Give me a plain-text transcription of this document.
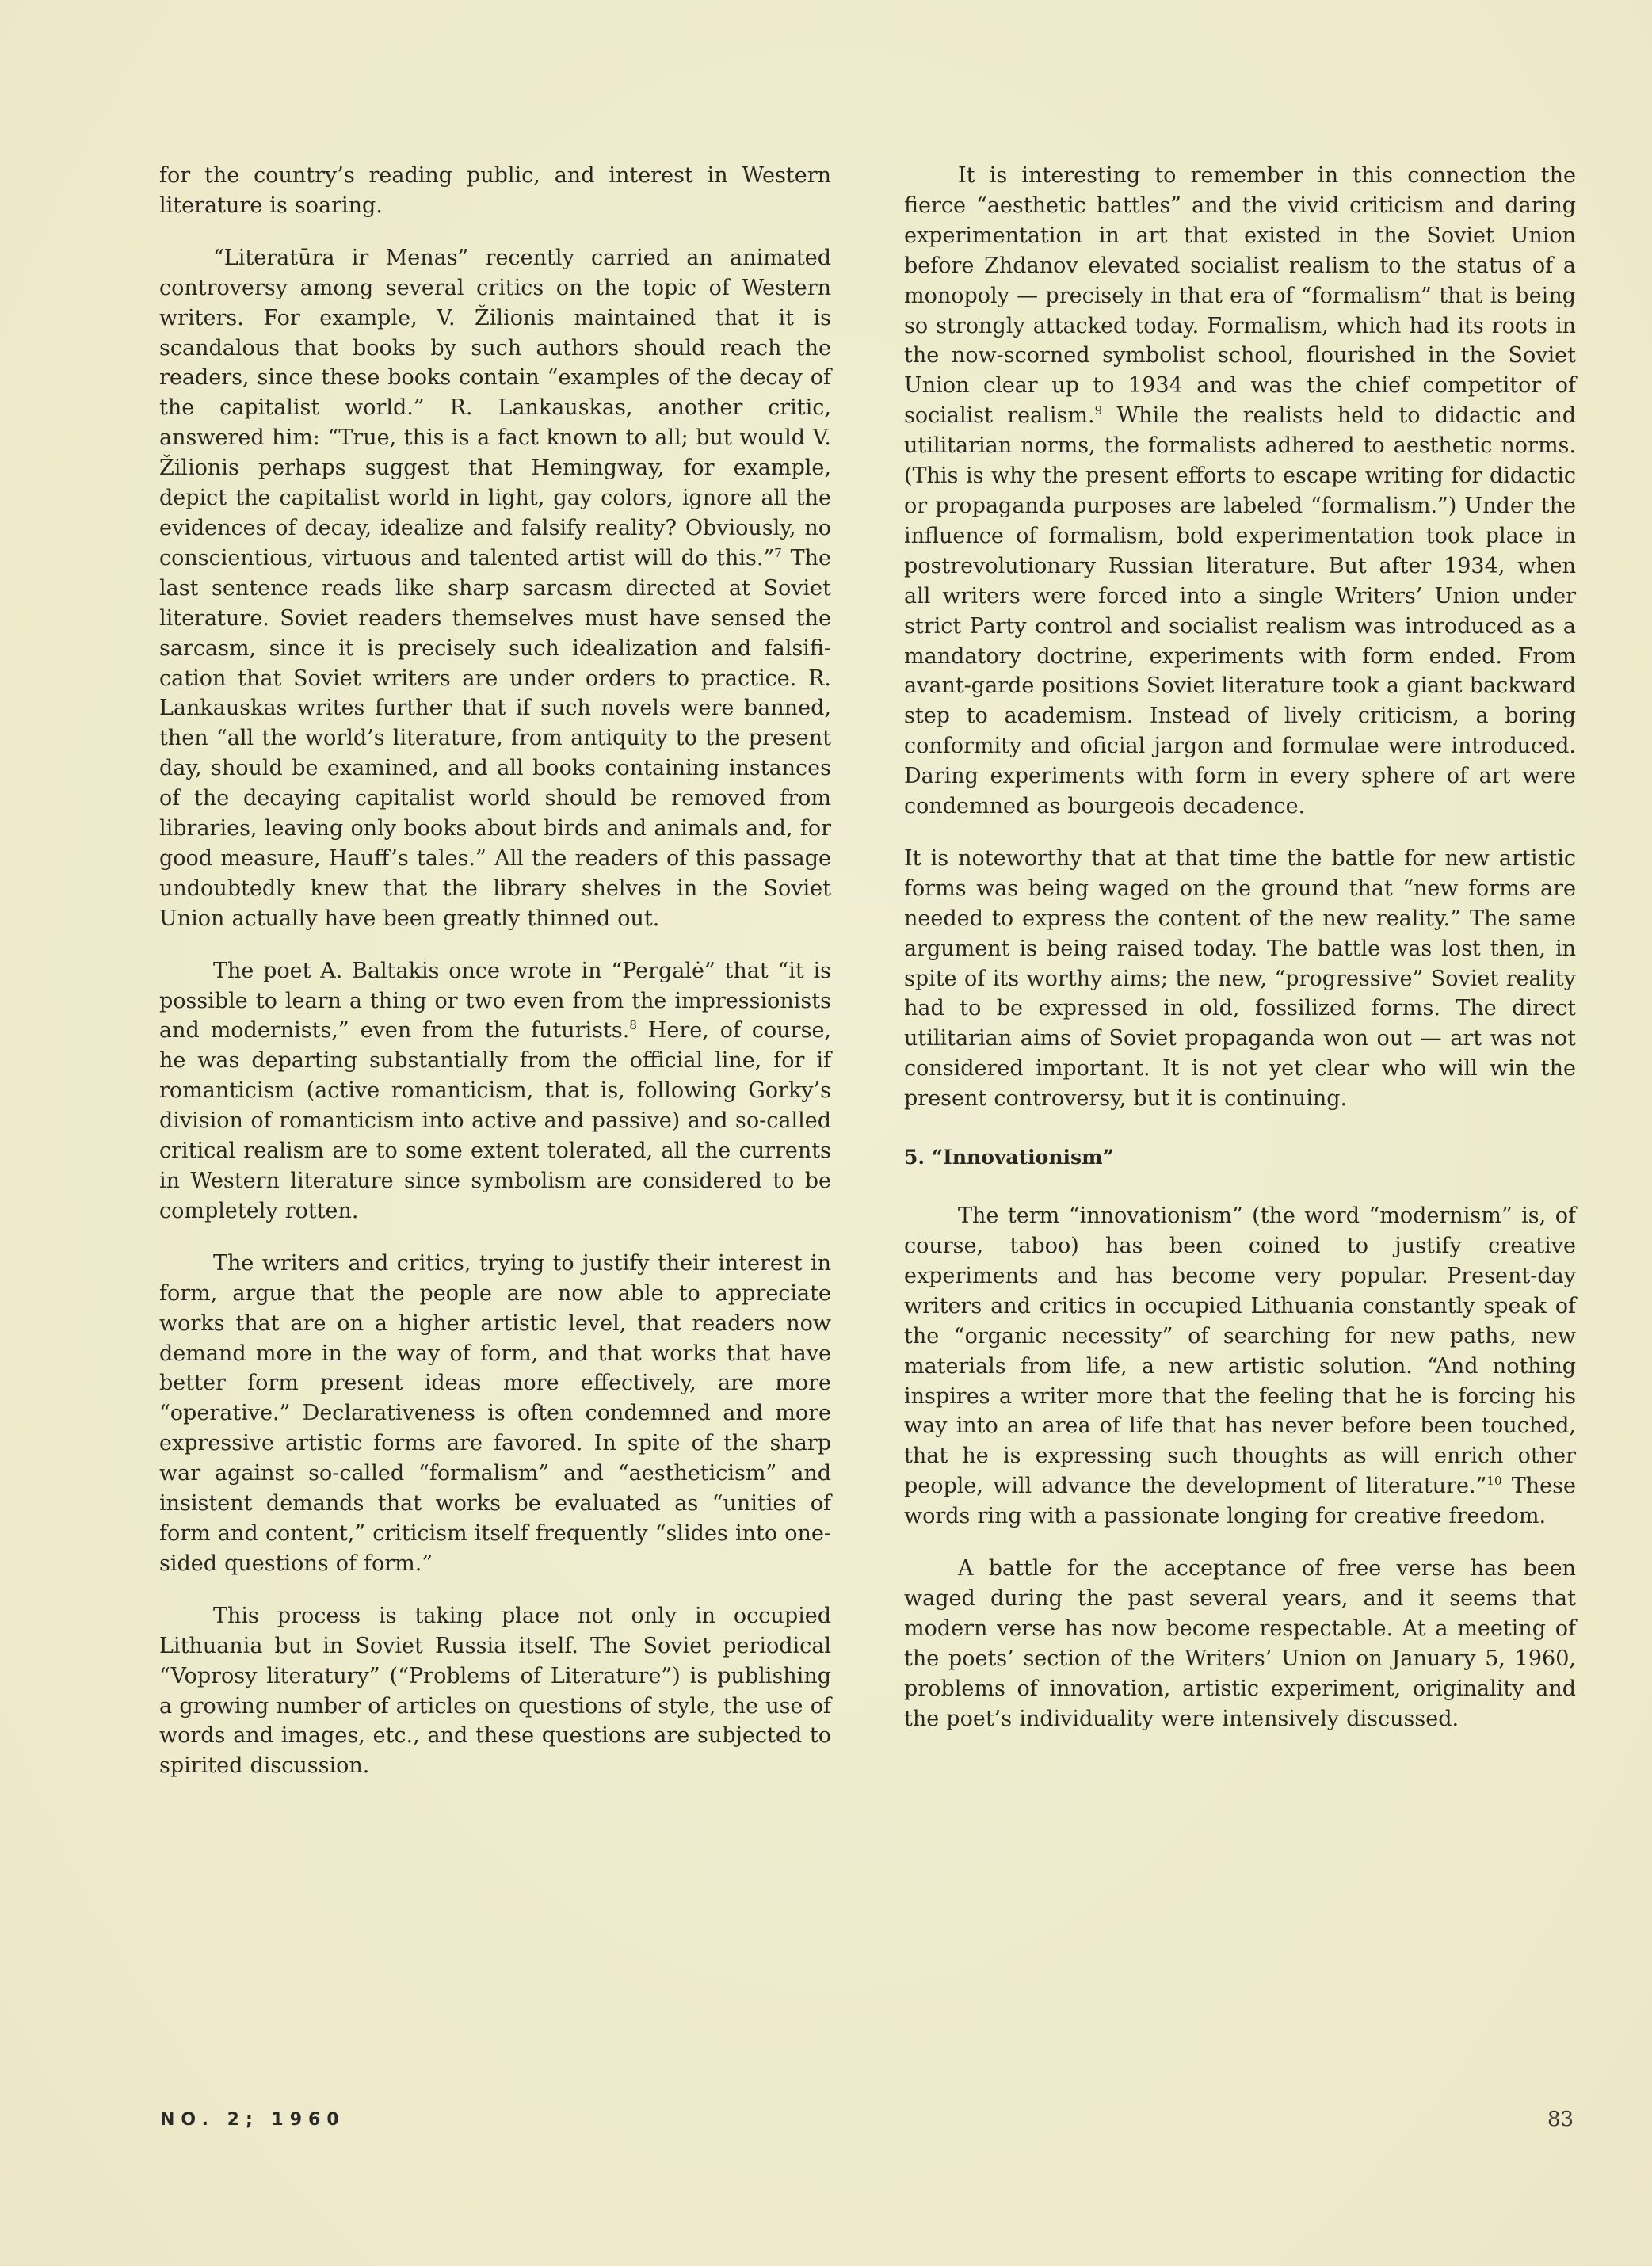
for the country’s reading public, and interest in Western literature is soaring.

“Literatūra ir Menas” recently carried an animated controversy among several critics on the topic of Western writers. For example, V. Žilionis maintained that it is scandalous that books by such authors should reach the readers, since these books contain “examples of the decay of the capitalist world.” R. Lankauskas, another critic, answered him: “True, this is a fact known to all; but would V. Žilionis perhaps suggest that Hemingway, for example, depict the capitalist world in light, gay colors, ignore all the evidences of decay, idealize and falsify reality? Obviously, no conscientious, virtuous and talented artist will do this.”$^7$ The last sentence reads like sharp sarcasm directed at Soviet literature. Soviet readers themselves must have sensed the sarcasm, since it is precisely such idealization and falsification that Soviet writers are under orders to practice. R. Lankauskas writes further that if such novels were banned, then “all the world’s literature, from antiquity to the present day, should be examined, and all books containing instances of the decaying capitalist world should be removed from libraries, leaving only books about birds and animals and, for good measure, Hauff’s tales.” All the readers of this passage undoubtedly knew that the library shelves in the Soviet Union actually have been greatly thinned out.

The poet A. Baltakis once wrote in “Pergalė” that “it is possible to learn a thing or two even from the impressionists and modernists,” even from the futurists.$^8$ Here, of course, he was departing substantially from the official line, for if romanticism (active romanticism, that is, following Gorky’s division of romanticism into active and passive) and so-called critical realism are to some extent tolerated, all the currents in Western literature since symbolism are considered to be completely rotten.

The writers and critics, trying to justify their interest in form, argue that the people are now able to appreciate works that are on a higher artistic level, that readers now demand more in the way of form, and that works that have better form present ideas more effectively, are more “operative.” Declarativeness is often condemned and more expressive artistic forms are favored. In spite of the sharp war against so-called “formalism” and “aestheticism” and insistent demands that works be evaluated as “unities of form and content,” criticism itself frequently “slides into one-sided questions of form.”

This process is taking place not only in occupied Lithuania but in Soviet Russia itself. The Soviet periodical “Voprosy literatury” (“Problems of Literature”) is publishing a growing number of articles on questions of style, the use of words and images, etc., and these questions are subjected to spirited discussion.

It is interesting to remember in this connection the fierce “aesthetic battles” and the vivid criticism and daring experimentation in art that existed in the Soviet Union before Zhdanov elevated socialist realism to the status of a monopoly — precisely in that era of “formalism” that is being so strongly attacked today. Formalism, which had its roots in the now-scorned symbolist school, flourished in the Soviet Union clear up to 1934 and was the chief competitor of socialist realism.$^9$ While the realists held to didactic and utilitarian norms, the formalists adhered to aesthetic norms. (This is why the present efforts to escape writing for didactic or propaganda purposes are labeled “formalism.”) Under the influence of formalism, bold experimentation took place in postrevolutionary Russian literature. But after 1934, when all writers were forced into a single Writers’ Union under strict Party control and socialist realism was introduced as a mandatory doctrine, experiments with form ended. From avant-garde positions Soviet literature took a giant backward step to academism. Instead of lively criticism, a boring conformity and oficial jargon and formulae were introduced. Daring experiments with form in every sphere of art were condemned as bourgeois decadence.

It is noteworthy that at that time the battle for new artistic forms was being waged on the ground that “new forms are needed to express the content of the new reality.” The same argument is being raised today. The battle was lost then, in spite of its worthy aims; the new, “progressive” Soviet reality had to be expressed in old, fossilized forms. The direct utilitarian aims of Soviet propaganda won out — art was not considered important. It is not yet clear who will win the present controversy, but it is continuing.

5. “Innovationism”

The term “innovationism” (the word “modernism” is, of course, taboo) has been coined to justify creative experiments and has become very popular. Present-day writers and critics in occupied Lithuania constantly speak of the “organic necessity” of searching for new paths, new materials from life, a new artistic solution. “And nothing inspires a writer more that the feeling that he is forcing his way into an area of life that has never before been touched, that he is expressing such thoughts as will enrich other people, will advance the development of literature.”$^{10}$ These words ring with a passionate longing for creative freedom.

A battle for the acceptance of free verse has been waged during the past several years, and it seems that modern verse has now become respectable. At a meeting of the poets’ section of the Writers’ Union on January 5, 1960, problems of innovation, artistic experiment, originality and the poet’s individuality were intensively discussed.

NO. 2; 1960	83
